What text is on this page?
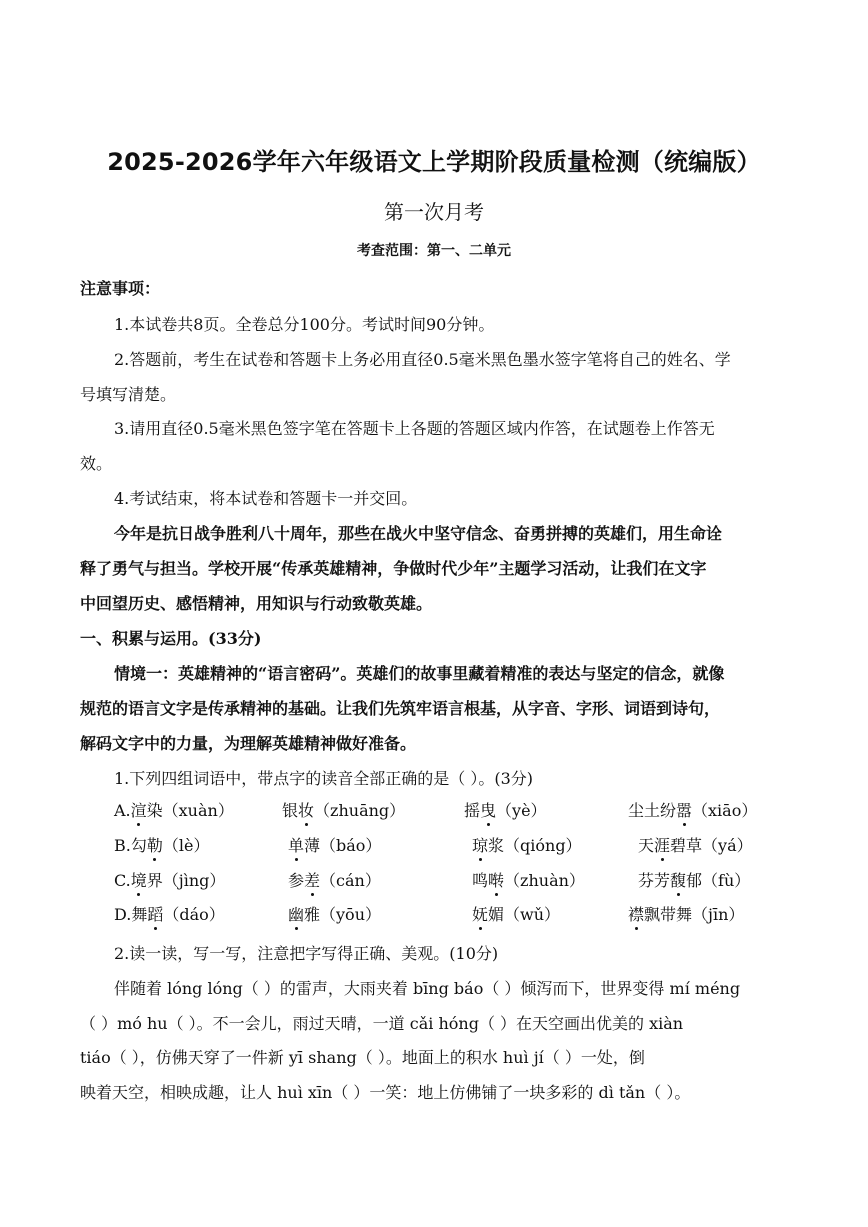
2025-2026学年六年级语文上学期阶段质量检测（统编版）
第一次月考
考查范围：第一、二单元
注意事项：
1.本试卷共8页。全卷总分100分。考试时间90分钟。
2.答题前，考生在试卷和答题卡上务必用直径0.5毫米黑色墨水签字笔将自己的姓名、学
号填写清楚。
3.请用直径0.5毫米黑色签字笔在答题卡上各题的答题区域内作答，在试题卷上作答无
效。
4.考试结束，将本试卷和答题卡一并交回。
今年是抗日战争胜利八十周年，那些在战火中坚守信念、奋勇拼搏的英雄们，用生命诠
释了勇气与担当。学校开展“传承英雄精神，争做时代少年”主题学习活动，让我们在文字
中回望历史、感悟精神，用知识与行动致敬英雄。
一、积累与运用。(33分)
情境一：英雄精神的“语言密码”。英雄们的故事里藏着精准的表达与坚定的信念，就像
规范的语言文字是传承精神的基础。让我们先筑牢语言根基，从字音、字形、词语到诗句，
解码文字中的力量，为理解英雄精神做好准备。
1.下列四组词语中，带点字的读音全部正确的是（ ）。(3分)
A.渲染（xuàn）	银妆（zhuāng）	摇曳（yè）	尘土纷嚣（xiāo）
B.勾勒（lè）	单薄（báo）	琼浆（qióng）	天涯碧草（yá）
C.境界（jìng）	参差（cán）	鸣啭（zhuàn）	芬芳馥郁（fù）
D.舞蹈（dáo）	幽雅（yōu）	妩媚（wǔ）	襟飘带舞（jīn）
2.读一读，写一写，注意把字写得正确、美观。(10分)
伴随着 lóng lóng（ ）的雷声，大雨夹着 bīng báo（ ）倾泻而下，世界变得 mí méng
（ ）mó hu（ ）。不一会儿，雨过天晴，一道 cǎi hóng（ ）在天空画出优美的 xiàn
tiáo（ ），仿佛天穿了一件新 yī shang（ ）。地面上的积水 huì jí（ ）一处，倒
映着天空，相映成趣，让人 huì xīn（ ）一笑：地上仿佛铺了一块多彩的 dì tǎn（ ）。
